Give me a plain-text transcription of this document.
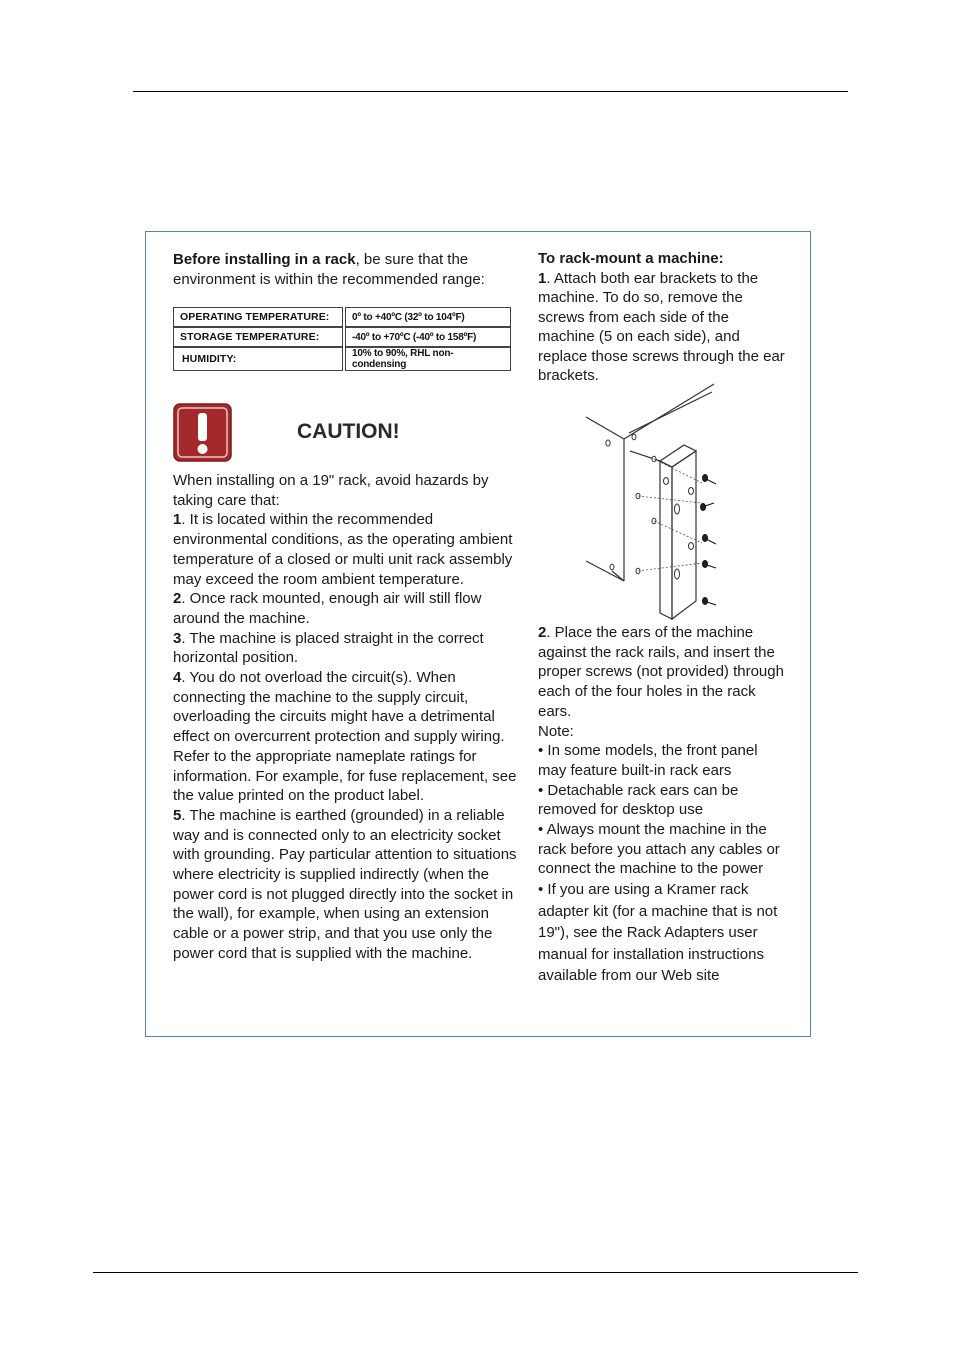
Before installing in a rack, be sure that the environment is within the recommended range:

OPERATING TEMPERATURE:		0º to +40ºC (32º to 104ºF)
STORAGE TEMPERATURE:		-40º to +70ºC (-40º to 158ºF)
HUMIDITY:		10% to 90%, RHL non-condensing

CAUTION!

When installing on a 19" rack, avoid hazards by taking care that:

1. It is located within the recommended environmental conditions, as the operating ambient temperature of a closed or multi unit rack assembly may exceed the room ambient temperature.

2. Once rack mounted, enough air will still flow around the machine.

3. The machine is placed straight in the correct horizontal position.

4. You do not overload the circuit(s). When connecting the machine to the supply circuit, overloading the circuits might have a detrimental effect on overcurrent protection and supply wiring. Refer to the appropriate nameplate ratings for information. For example, for fuse replacement, see the value printed on the product label.

5. The machine is earthed (grounded) in a reliable way and is connected only to an electricity socket with grounding. Pay particular attention to situations where electricity is supplied indirectly (when the power cord is not plugged directly into the socket in the wall), for example, when using an extension cable or a power strip, and that you use only the power cord that is supplied with the machine.

To rack-mount a machine:

1. Attach both ear brackets to the machine. To do so, remove the screws from each side of the machine (5 on each side), and replace those screws through the ear brackets.

2. Place the ears of the machine against the rack rails, and insert the proper screws (not provided) through each of the four holes in the rack ears.

Note:

• In some models, the front panel may feature built-in rack ears

• Detachable rack ears can be removed for desktop use

• Always mount the machine in the rack before you attach any cables or connect the machine to the power

• If you are using a Kramer rack adapter kit (for a machine that is not 19"), see the Rack Adapters user manual for installation instructions available from our Web site
